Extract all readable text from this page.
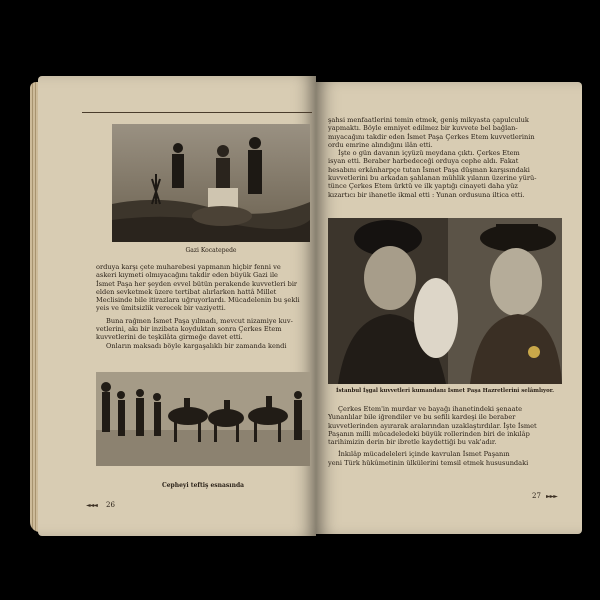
Gazi Kocatepede

orduya karşı çete muharebesi yapmanın hiçbir fenni ve

askeri kıymeti olmıyacağını takdir eden büyük Gazi ile

İsmet Paşa her şeyden evvel bütün perakende kuvvetleri bir

elden sevketmek üzere tertibat alırlarken hattâ Millet

Meclisinde bile itirazlara uğruyorlardı. Mücadelenin bu şekli

yeis ve ümitsizlik verecek bir vaziyetti.

Buna rağmen İsmet Paşa yılmadı, mevcut nizamiye kuv-

vetlerini, akı bir inzibata koyduktan sonra Çerkes Etem

kuvvetlerini de teşkilâta girmeğe davet etti.

Onların maksadı böyle kargaşalıklı bir zamanda kendi

Cepheyi teftiş esnasında
◄◄◄ 26

şahsi menfaatlerini temin etmek, geniş mikyasta çapulculuk

yapmaktı. Böyle emniyet edilmez bir kuvvete bel bağlan-

mıyacağını takdir eden İsmet Paşa Çerkes Etem kuvvetlerinin

ordu emrine alındığını ilân etti.

İşte o gün davanın içyüzü meydana çıktı. Çerkes Etem

isyan etti. Beraber harbedeceği orduya cephe aldı. Fakat

hesabını erkânharpçe tutan İsmet Paşa düşman karşısındaki

kuvvetlerini bu arkadan şahlanan mühlik yılanın üzerine yürü-

tünce Çerkes Etem ürktü ve ilk yaptığı cinayeti daha yüz

kızartıcı bir ihanetle ikmal etti : Yunan ordusuna iltica etti.

İstanbul İşgal kuvvetleri kumandanı İsmet Paşa Hazretlerini selâmlıyor.

Çerkes Etem'in murdar ve bayağı ihanetindeki şenaate

Yunanlılar bile iğrendiler ve bu sefili kardeşi ile beraber

kuvvetlerinden ayırarak aralarından uzaklaştırdılar. İşte İsmet

Paşanın milli mücadeledeki büyük rollerinden biri de inkılâp

tarihimizin derin bir ibretle kaydettiği bu vak'adır.

İnkılâp mücadeleleri içinde kavrulan İsmet Paşanın

yeni Türk hükûmetinin ülkülerini temsil etmek hususundaki

27 ►►►
